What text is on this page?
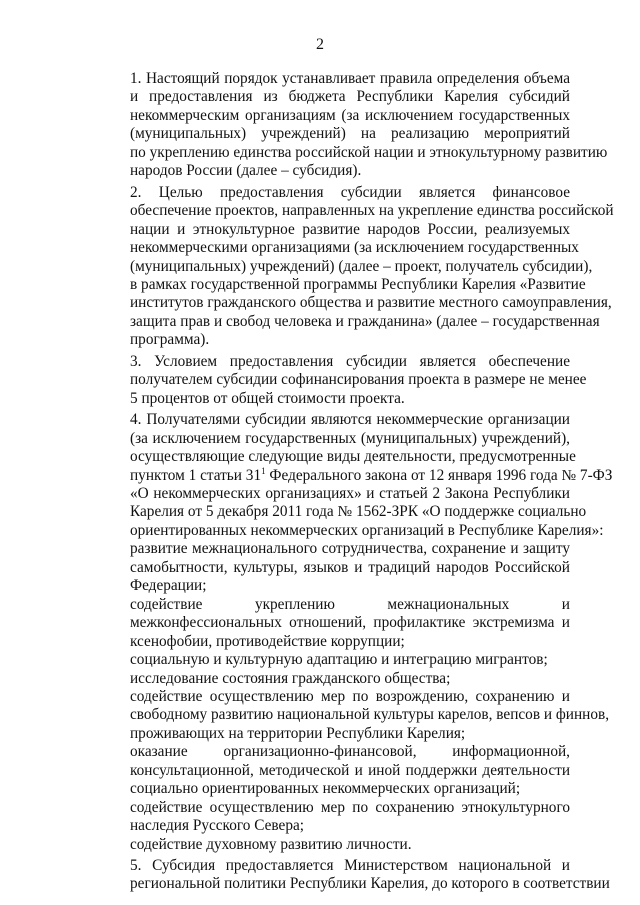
2
1. Настоящий порядок устанавливает правила определения объема
и предоставления из бюджета Республики Карелия субсидий
некоммерческим организациям (за исключением государственных
(муниципальных) учреждений) на реализацию мероприятий
по укреплению единства российской нации и этнокультурному развитию
народов России (далее – субсидия).
2. Целью предоставления субсидии является финансовое
обеспечение проектов, направленных на укрепление единства российской
нации и этнокультурное развитие народов России, реализуемых
некоммерческими организациями (за исключением государственных
(муниципальных) учреждений) (далее – проект, получатель субсидии),
в рамках государственной программы Республики Карелия «Развитие
институтов гражданского общества и развитие местного самоуправления,
защита прав и свобод человека и гражданина» (далее – государственная
программа).
3. Условием предоставления субсидии является обеспечение
получателем субсидии софинансирования проекта в размере не менее
5 процентов от общей стоимости проекта.
4. Получателями субсидии являются некоммерческие организации
(за исключением государственных (муниципальных) учреждений),
осуществляющие следующие виды деятельности, предусмотренные
пунктом 1 статьи $31^1$ Федерального закона от 12 января 1996 года № 7-ФЗ
«О некоммерческих организациях» и статьей 2 Закона Республики
Карелия от 5 декабря 2011 года № 1562-ЗРК «О поддержке социально
ориентированных некоммерческих организаций в Республике Карелия»:
развитие межнационального сотрудничества, сохранение и защиту
самобытности, культуры, языков и традиций народов Российской
Федерации;
содействие укреплению межнациональных и
межконфессиональных отношений, профилактике экстремизма и
ксенофобии, противодействие коррупции;
социальную и культурную адаптацию и интеграцию мигрантов;
исследование состояния гражданского общества;
содействие осуществлению мер по возрождению, сохранению и
свободному развитию национальной культуры карелов, вепсов и финнов,
проживающих на территории Республики Карелия;
оказание организационно-финансовой, информационной,
консультационной, методической и иной поддержки деятельности
социально ориентированных некоммерческих организаций;
содействие осуществлению мер по сохранению этнокультурного
наследия Русского Севера;
содействие духовному развитию личности.
5. Субсидия предоставляется Министерством национальной и
региональной политики Республики Карелия, до которого в соответствии
